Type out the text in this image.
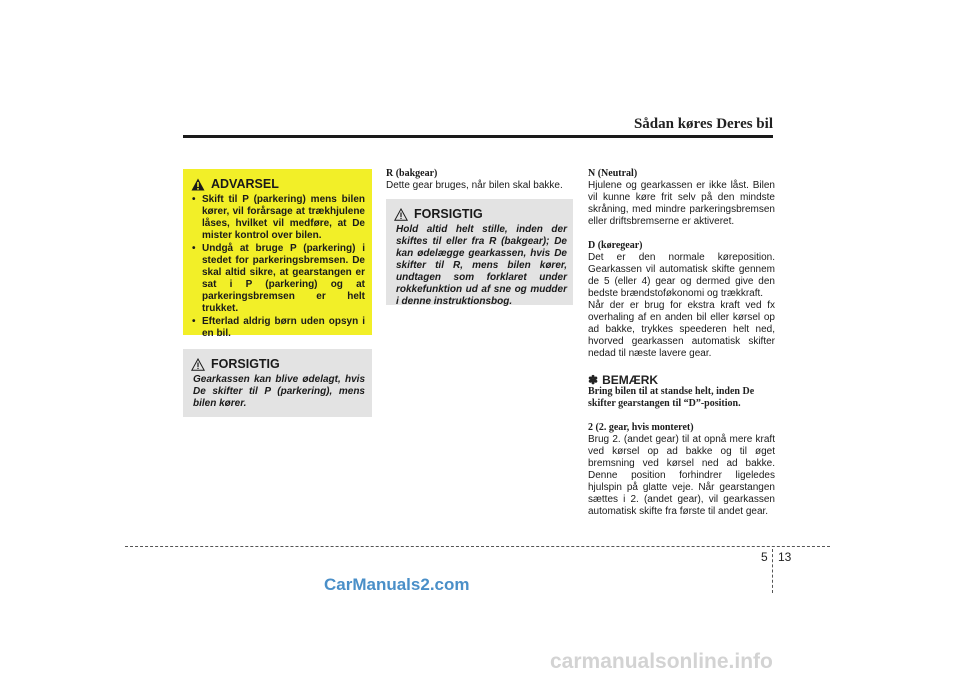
Sådan køres Deres bil
ADVARSEL
• Skift til P (parkering) mens bilen kører, vil forårsage at trækhjulene låses, hvilket vil medføre, at De mister kontrol over bilen.
• Undgå at bruge P (parkering) i stedet for parkeringsbremsen. De skal altid sikre, at gearstangen er sat i P (parkering) og at parkeringsbremsen er helt trukket.
• Efterlad aldrig børn uden opsyn i en bil.
FORSIGTIG
Gearkassen kan blive ødelagt, hvis De skifter til P (parkering), mens bilen kører.
R (bakgear)
Dette gear bruges, når bilen skal bakke.
FORSIGTIG
Hold altid helt stille, inden der skiftes til eller fra R (bakgear); De kan ødelægge gearkassen, hvis De skifter til R, mens bilen kører, undtagen som forklaret under rokkefunktion ud af sne og mudder i denne instruktionsbog.
N (Neutral)
Hjulene og gearkassen er ikke låst. Bilen vil kunne køre frit selv på den mindste skråning, med mindre parkeringsbremsen eller driftsbremserne er aktiveret.
D (køregear)
Det er den normale køreposition. Gearkassen vil automatisk skifte gennem de 5 (eller 4) gear og dermed give den bedste brændstoføkonomi og trækkraft.
Når der er brug for ekstra kraft ved fx overhaling af en anden bil eller kørsel op ad bakke, trykkes speederen helt ned, hvorved gearkassen automatisk skifter nedad til næste lavere gear.
✽ BEMÆRK
Bring bilen til at standse helt, inden De skifter gearstangen til “D”-position.
2 (2. gear, hvis monteret)
Brug 2. (andet gear) til at opnå mere kraft ved kørsel op ad bakke og til øget bremsning ved kørsel ned ad bakke. Denne position forhindrer ligeledes hjulspin på glatte veje. Når gearstangen sættes i 2. (andet gear), vil gearkassen automatisk skifte fra første til andet gear.
5 13
CarManuals2.com
carmanualsonline.info
